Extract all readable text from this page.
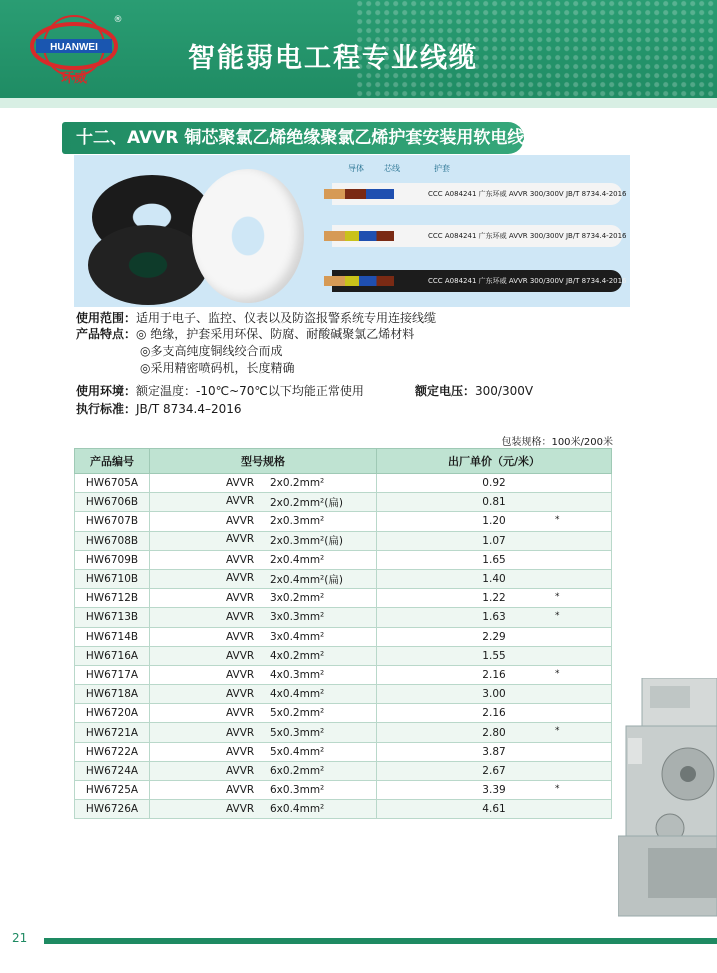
HUANWEI
环威
®
智能弱电工程专业线缆
十二、AVVR 铜芯聚氯乙烯绝缘聚氯乙烯护套安装用软电线
导体	芯线	护套
CCC A084241 广东环威 AVVR 300/300V JB/T 8734.4-2016
CCC A084241 广东环威 AVVR 300/300V JB/T 8734.4-2016
CCC A084241 广东环威 AVVR 300/300V JB/T 8734.4-2016
使用范围：适用于电子、监控、仪表以及防盗报警系统专用连接线缆
产品特点：◎ 绝缘，护套采用环保、防腐、耐酸碱聚氯乙烯材料
◎多支高纯度铜线绞合而成
◎采用精密喷码机，长度精确
使用环境：额定温度：-10℃~70℃以下均能正常使用	额定电压：300/300V
执行标准：JB/T 8734.4–2016
包装规格：100米/200米
产品编号	型号规格	出厂单价（元/米）
HW6705A	AVVR 2x0.2mm²	0.92

HW6706B	AVVR 2x0.2mm²(扁)	0.81

HW6707B	AVVR 2x0.3mm²	1.20 *

HW6708B	AVVR 2x0.3mm²(扁)	1.07

HW6709B	AVVR 2x0.4mm²	1.65

HW6710B	AVVR 2x0.4mm²(扁)	1.40

HW6712B	AVVR 3x0.2mm²	1.22 *

HW6713B	AVVR 3x0.3mm²	1.63 *

HW6714B	AVVR 3x0.4mm²	2.29

HW6716A	AVVR 4x0.2mm²	1.55

HW6717A	AVVR 4x0.3mm²	2.16 *

HW6718A	AVVR 4x0.4mm²	3.00

HW6720A	AVVR 5x0.2mm²	2.16

HW6721A	AVVR 5x0.3mm²	2.80 *

HW6722A	AVVR 5x0.4mm²	3.87

HW6724A	AVVR 6x0.2mm²	2.67

HW6725A	AVVR 6x0.3mm²	3.39 *

HW6726A	AVVR 6x0.4mm²	4.61
21
